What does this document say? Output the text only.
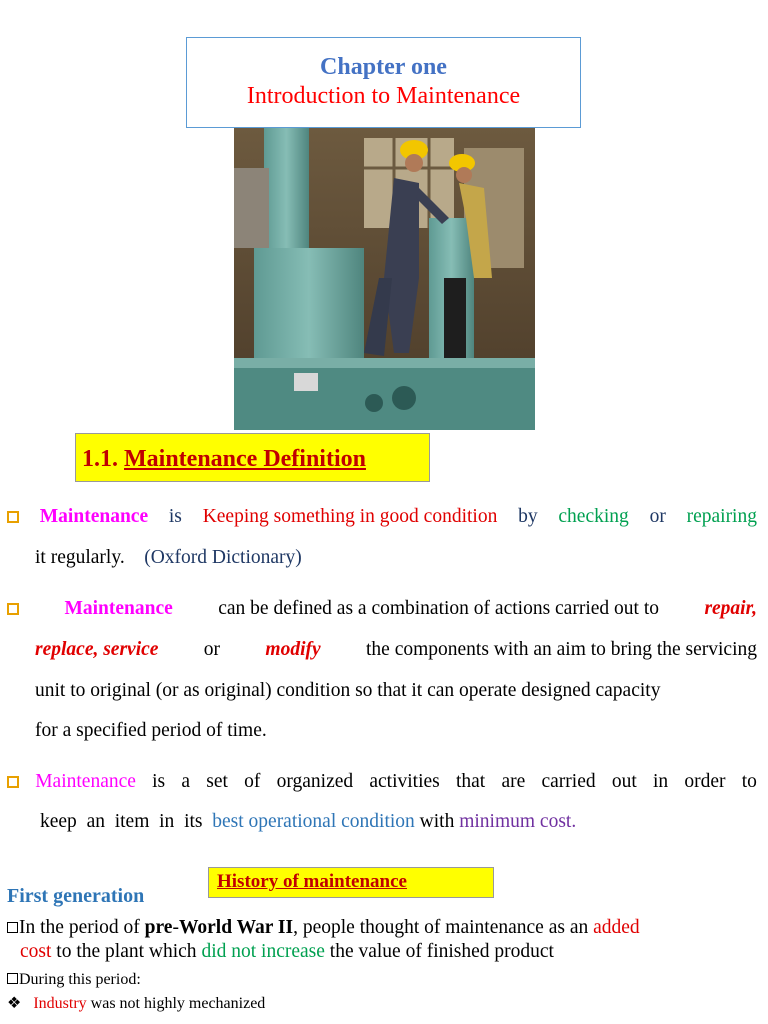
Chapter one
Introduction to Maintenance
1.1. Maintenance Definition
Maintenance is Keeping something in good condition by checking or repairing
it regularly. (Oxford Dictionary)
Maintenance can be defined as a combination of actions carried out to repair,
replace, service or modify the components with an aim to bring the servicing
unit to original (or as original) condition so that it can operate designed capacity
for a specified period of time.
Maintenance is a set of organized activities that are carried out in order to
keep an item in its best operational condition with minimum cost.
History of maintenance
First generation
In the period of pre-World War II, people thought of maintenance as an added
cost to the plant which did not increase the value of finished product
During this period:
❖ Industry was not highly mechanized
